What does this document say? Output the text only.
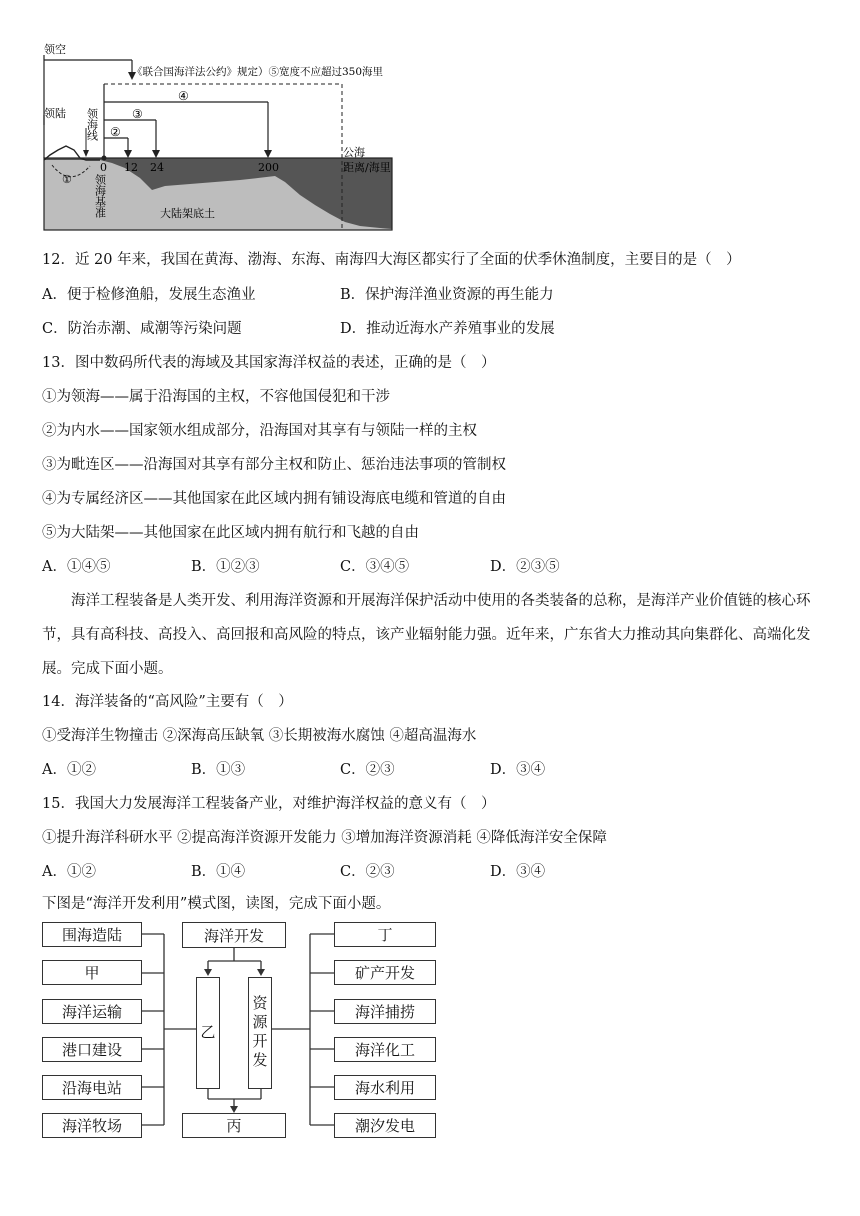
领空
领陆
《联合国海洋法公约》规定）⑤宽度不应超过350海里
④
③
②
①
0 12 24	200
公海
距离/海里
大陆架底土
领海线
领海基准
12．近 20 年来，我国在黄海、渤海、东海、南海四大海区都实行了全面的伏季休渔制度，主要目的是（　）
A．便于检修渔船，发展生态渔业	B．保护海洋渔业资源的再生能力
C．防治赤潮、咸潮等污染问题	D．推动近海水产养殖事业的发展
13．图中数码所代表的海域及其国家海洋权益的表述，正确的是（　）
①为领海——属于沿海国的主权，不容他国侵犯和干涉
②为内水——国家领水组成部分，沿海国对其享有与领陆一样的主权
③为毗连区——沿海国对其享有部分主权和防止、惩治违法事项的管制权
④为专属经济区——其他国家在此区域内拥有铺设海底电缆和管道的自由
⑤为大陆架——其他国家在此区域内拥有航行和飞越的自由
A．①④⑤	B．①②③	C．③④⑤	D．②③⑤
海洋工程装备是人类开发、利用海洋资源和开展海洋保护活动中使用的各类装备的总称，是海洋产业价值链的核心环节，具有高科技、高投入、高回报和高风险的特点，该产业辐射能力强。近年来，广东省大力推动其向集群化、高端化发展。完成下面小题。
14．海洋装备的“高风险”主要有（　）
①受海洋生物撞击 ②深海高压缺氧 ③长期被海水腐蚀 ④超高温海水
A．①②	B．①③	C．②③	D．③④
15．我国大力发展海洋工程装备产业，对维护海洋权益的意义有（　）
①提升海洋科研水平 ②提高海洋资源开发能力 ③增加海洋资源消耗 ④降低海洋安全保障
A．①②	B．①④	C．②③	D．③④
下图是“海洋开发利用”模式图，读图，完成下面小题。
围海造陆
甲
海洋运输
港口建设
沿海电站
海洋牧场
海洋开发
乙 资源开发
丙
丁
矿产开发
海洋捕捞
海洋化工
海水利用
潮汐发电
